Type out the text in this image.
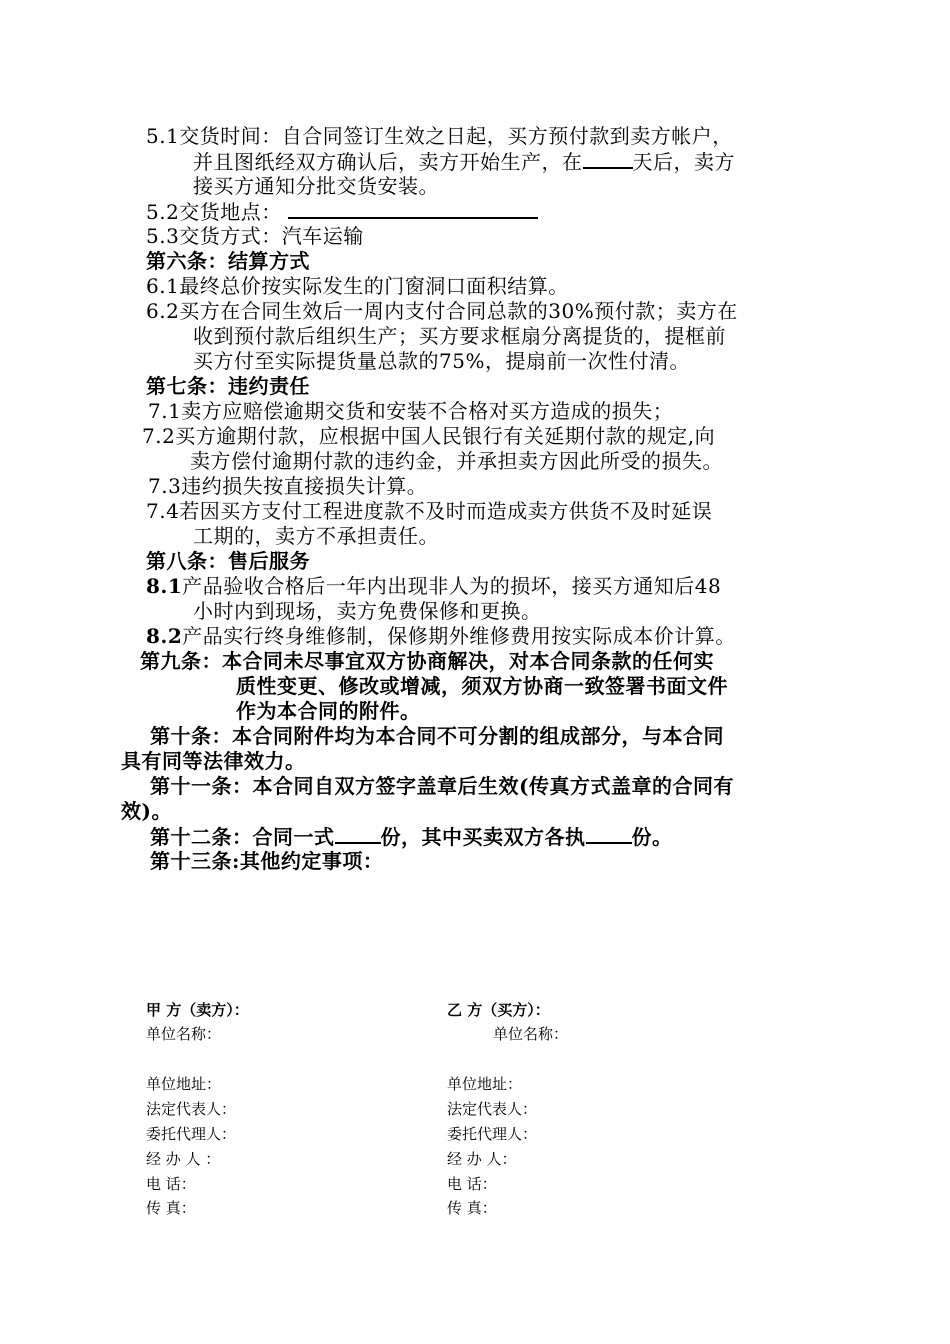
5.1交货时间：自合同签订生效之日起，买方预付款到卖方帐户，
并且图纸经双方确认后，卖方开始生产，在	天后，卖方
接买方通知分批交货安装。
5.2交货地点：
5.3交货方式：汽车运输
第六条：结算方式
6.1最终总价按实际发生的门窗洞口面积结算。
6.2买方在合同生效后一周内支付合同总款的30%预付款；卖方在
收到预付款后组织生产；买方要求框扇分离提货的，提框前
买方付至实际提货量总款的75%，提扇前一次性付清。
第七条：违约责任
7.1卖方应赔偿逾期交货和安装不合格对买方造成的损失；
7.2买方逾期付款，应根据中国人民银行有关延期付款的规定,向
卖方偿付逾期付款的违约金，并承担卖方因此所受的损失。
7.3违约损失按直接损失计算。
7.4若因买方支付工程进度款不及时而造成卖方供货不及时延误
工期的，卖方不承担责任。
第八条：售后服务
8.1产品验收合格后一年内出现非人为的损坏，接买方通知后48
小时内到现场，卖方免费保修和更换。
8.2产品实行终身维修制，保修期外维修费用按实际成本价计算。
第九条：本合同未尽事宜双方协商解决，对本合同条款的任何实
质性变更、修改或增减，须双方协商一致签署书面文件
作为本合同的附件。
第十条：本合同附件均为本合同不可分割的组成部分，与本合同
具有同等法律效力。
第十一条：本合同自双方签字盖章后生效(传真方式盖章的合同有
效)。
第十二条：合同一式 份，其中买卖双方各执 份。
第十三条:其他约定事项：
甲 方（卖方）：
单位名称：
单位地址：
法定代表人：
委托代理人：
经 办 人 ：
电 话：
传 真：
乙 方（买方）：
单位名称：
单位地址：
法定代表人：
委托代理人：
经 办 人：
电 话：
传 真：
